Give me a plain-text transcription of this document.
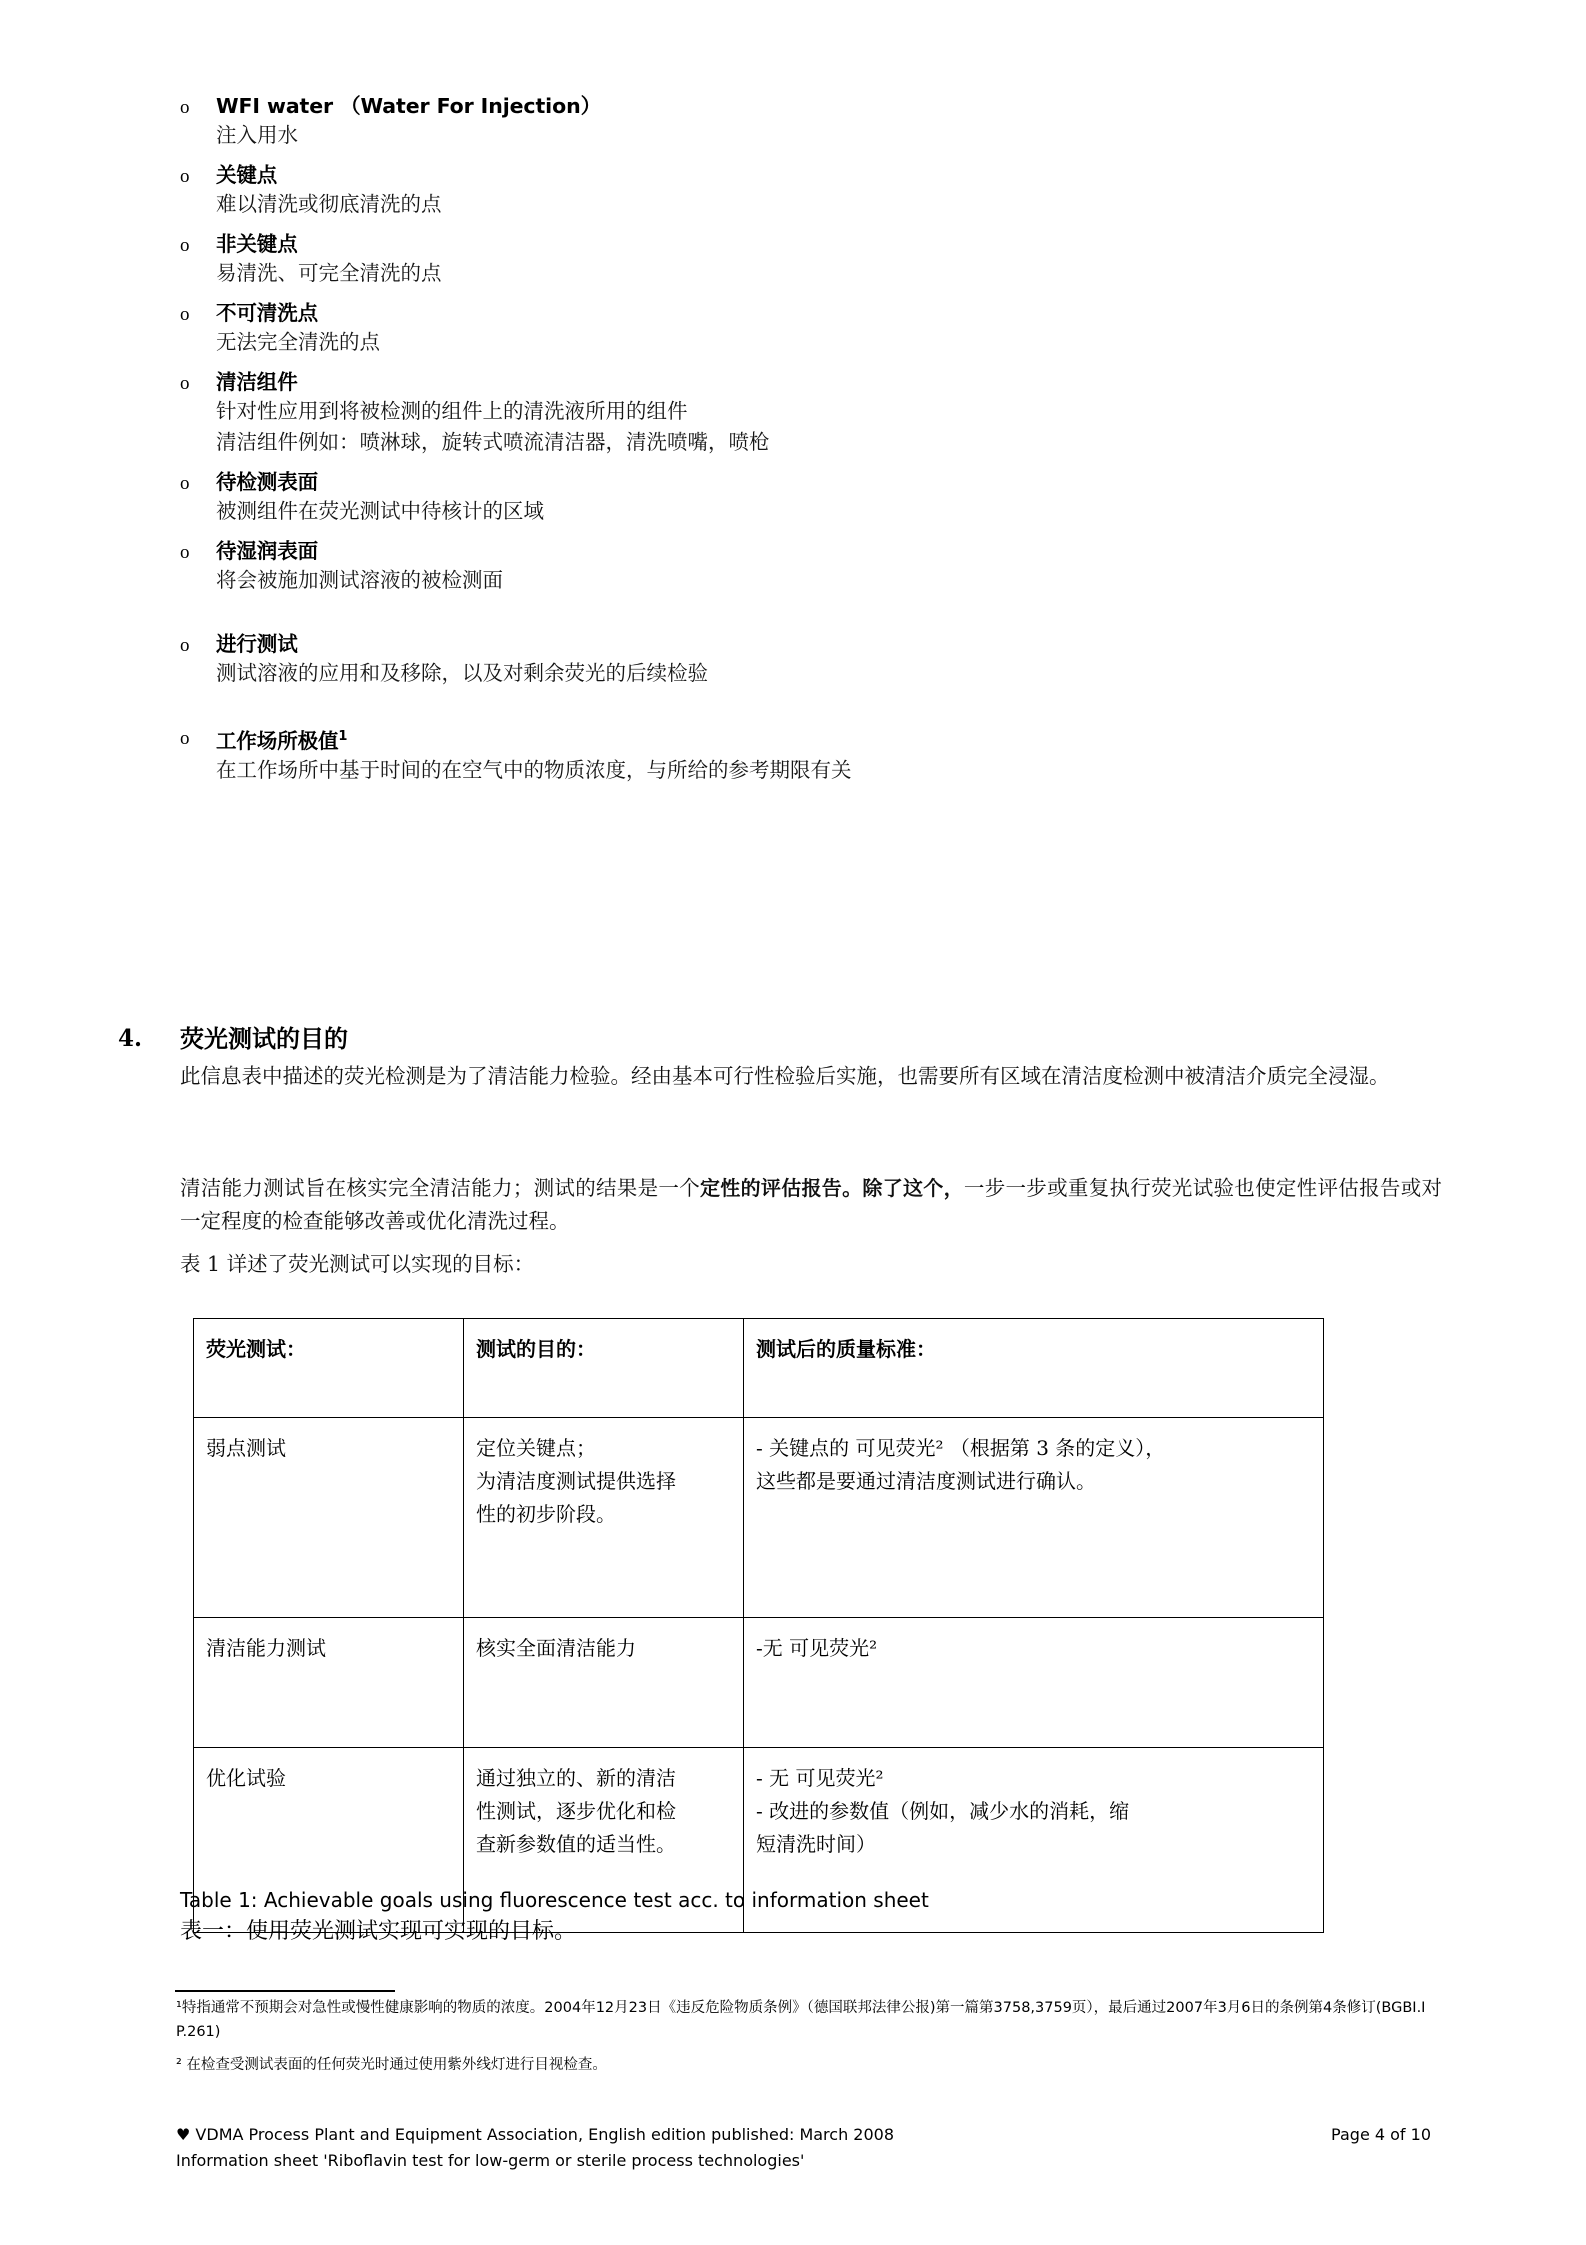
o	WFI water （Water For Injection）
注入用水
o	关键点
难以清洗或彻底清洗的点
o	非关键点
易清洗、可完全清洗的点
o	不可清洗点
无法完全清洗的点
o	清洁组件
针对性应用到将被检测的组件上的清洗液所用的组件
清洁组件例如：喷淋球，旋转式喷流清洁器，清洗喷嘴，喷枪
o	待检测表面
被测组件在荧光测试中待核计的区域
o	待湿润表面
将会被施加测试溶液的被检测面
o	进行测试
测试溶液的应用和及移除，以及对剩余荧光的后续检验
o	工作场所极值$^1$
在工作场所中基于时间的在空气中的物质浓度，与所给的参考期限有关
4.	荧光测试的目的
此信息表中描述的荧光检测是为了清洁能力检验。经由基本可行性检验后实施，也需要所有区域在清洁度检测中被清洁介质完全浸湿。
清洁能力测试旨在核实完全清洁能力；测试的结果是一个定性的评估报告。除了这个，一步一步或重复执行荧光试验也使定性评估报告或对一定程度的检查能够改善或优化清洗过程。
表 1 详述了荧光测试可以实现的目标：
荧光测试：	测试的目的：	测试后的质量标准：
弱点测试	定位关键点；
为清洁度测试提供选择
性的初步阶段。	- 关键点的 可见荧光² （根据第 3 条的定义），
这些都是要通过清洁度测试进行确认。

清洁能力测试	核实全面清洁能力	-无 可见荧光²

优化试验	通过独立的、新的清洁
性测试，逐步优化和检
查新参数值的适当性。	- 无 可见荧光²
- 改进的参数值（例如，减少水的消耗，缩
短清洗时间）
Table 1: Achievable goals using fluorescence test acc. to information sheet
表一：使用荧光测试实现可实现的目标。
¹特指通常不预期会对急性或慢性健康影响的物质的浓度。2004年12月23日《违反危险物质条例》（德国联邦法律公报)第一篇第3758,3759页），最后通过2007年3月6日的条例第4条修订(BGBI.I P.261)
² 在检查受测试表面的任何荧光时通过使用紫外线灯进行目视检查。
♥ VDMA Process Plant and Equipment Association, English edition published: March 2008
Information sheet 'Riboflavin test for low-germ or sterile process technologies'
Page 4 of 10
